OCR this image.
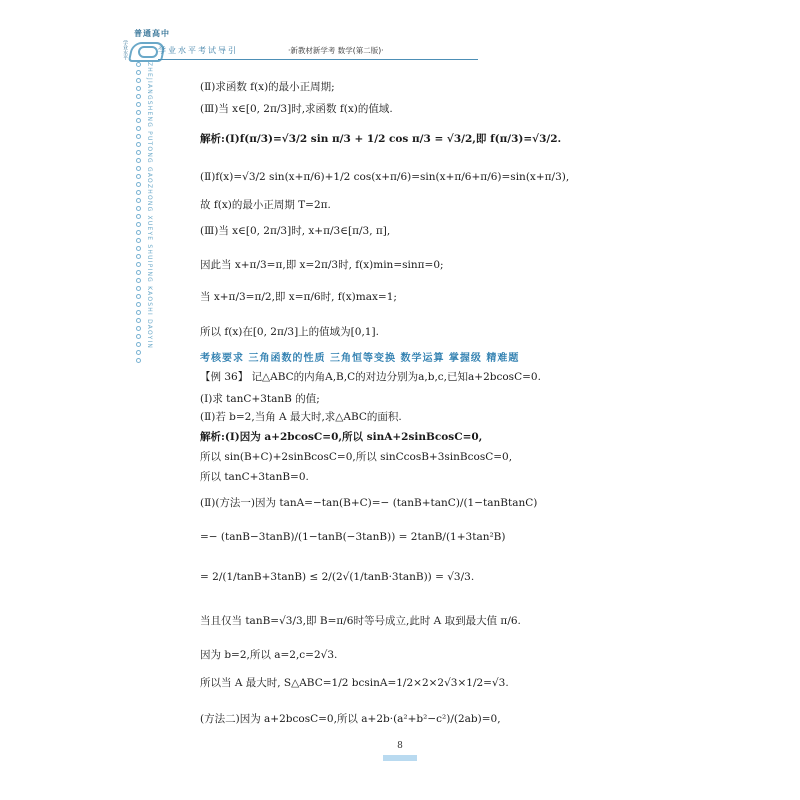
普通高中
学业水平	学业水平考试导引	·新教材新学考 数学(第二版)·
ZHEJIANGSHENG PUTONG GAOZHONG XUEYE SHUIPING KAOSHI DAOYIN	(Ⅱ)求函数 f(x)的最小正周期;
(Ⅲ)当 x∈[0, 2π/3]时,求函数 f(x)的值域.
解析:(Ⅰ)f(π/3)=√3/2 sin π/3 + 1/2 cos π/3 = √3/2,即 f(π/3)=√3/2.
(Ⅱ)f(x)=√3/2 sin(x+π/6)+1/2 cos(x+π/6)=sin(x+π/6+π/6)=sin(x+π/3),
故 f(x)的最小正周期 T=2π.
(Ⅲ)当 x∈[0, 2π/3]时, x+π/3∈[π/3, π],
因此当 x+π/3=π,即 x=2π/3时, f(x)min=sinπ=0;
当 x+π/3=π/2,即 x=π/6时, f(x)max=1;
所以 f(x)在[0, 2π/3]上的值域为[0,1].
考核要求 三角函数的性质 三角恒等变换 数学运算 掌握级 精难题
【例 36】 记△ABC的内角A,B,C的对边分别为a,b,c,已知a+2bcosC=0.
(Ⅰ)求 tanC+3tanB 的值;
(Ⅱ)若 b=2,当角 A 最大时,求△ABC的面积.
解析:(Ⅰ)因为 a+2bcosC=0,所以 sinA+2sinBcosC=0,
所以 sin(B+C)+2sinBcosC=0,所以 sinCcosB+3sinBcosC=0,
所以 tanC+3tanB=0.
(Ⅱ)(方法一)因为 tanA=−tan(B+C)=− (tanB+tanC)/(1−tanBtanC)
=− (tanB−3tanB)/(1−tanB(−3tanB)) = 2tanB/(1+3tan²B)
= 2/(1/tanB+3tanB) ≤ 2/(2√(1/tanB·3tanB)) = √3/3.
当且仅当 tanB=√3/3,即 B=π/6时等号成立,此时 A 取到最大值 π/6.
因为 b=2,所以 a=2,c=2√3.
所以当 A 最大时, S△ABC=1/2 bcsinA=1/2×2×2√3×1/2=√3.
(方法二)因为 a+2bcosC=0,所以 a+2b·(a²+b²−c²)/(2ab)=0,
8
